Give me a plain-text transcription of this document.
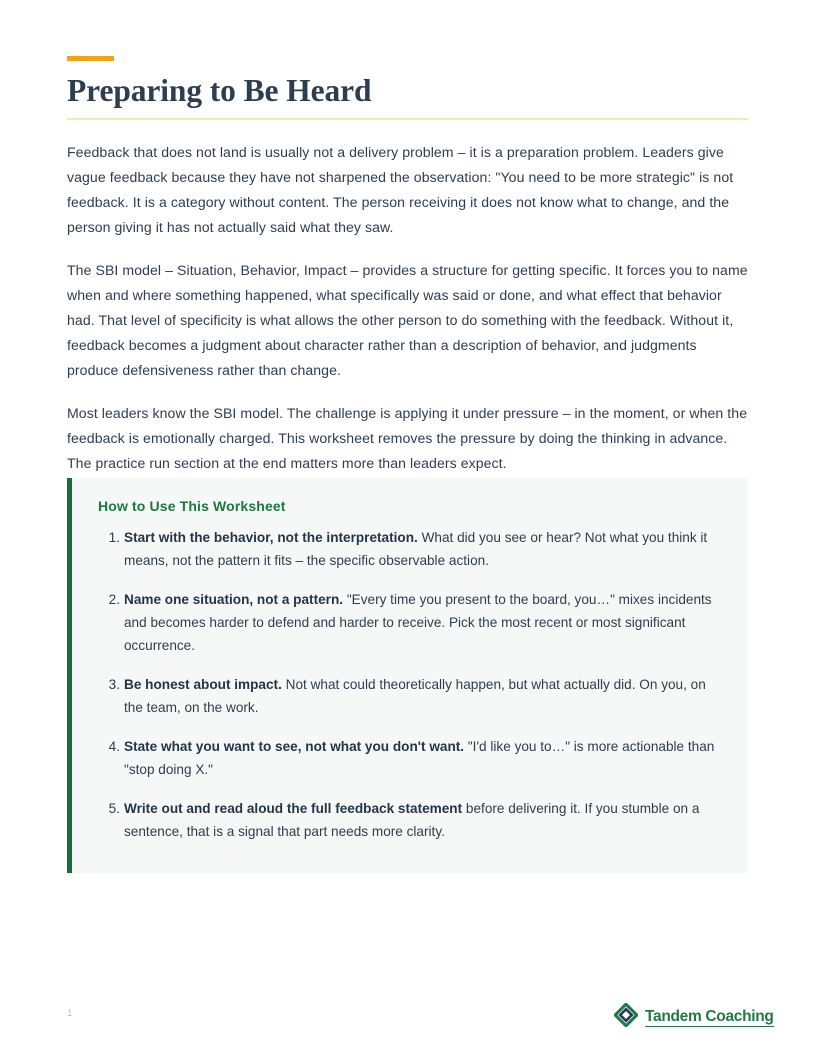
Preparing to Be Heard

Feedback that does not land is usually not a delivery problem – it is a preparation problem. Leaders give vague feedback because they have not sharpened the observation: "You need to be more strategic" is not feedback. It is a category without content. The person receiving it does not know what to change, and the person giving it has not actually said what they saw.

The SBI model – Situation, Behavior, Impact – provides a structure for getting specific. It forces you to name when and where something happened, what specifically was said or done, and what effect that behavior had. That level of specificity is what allows the other person to do something with the feedback. Without it, feedback becomes a judgment about character rather than a description of behavior, and judgments produce defensiveness rather than change.

Most leaders know the SBI model. The challenge is applying it under pressure – in the moment, or when the feedback is emotionally charged. This worksheet removes the pressure by doing the thinking in advance. The practice run section at the end matters more than leaders expect.

How to Use This Worksheet
Start with the behavior, not the interpretation. What did you see or hear? Not what you think it means, not the pattern it fits – the specific observable action.
Name one situation, not a pattern. "Every time you present to the board, you…" mixes incidents and becomes harder to defend and harder to receive. Pick the most recent or most significant occurrence.
Be honest about impact. Not what could theoretically happen, but what actually did. On you, on the team, on the work.
State what you want to see, not what you don't want. "I'd like you to…" is more actionable than "stop doing X."
Write out and read aloud the full feedback statement before delivering it. If you stumble on a sentence, that is a signal that part needs more clarity.
1	Tandem Coaching
